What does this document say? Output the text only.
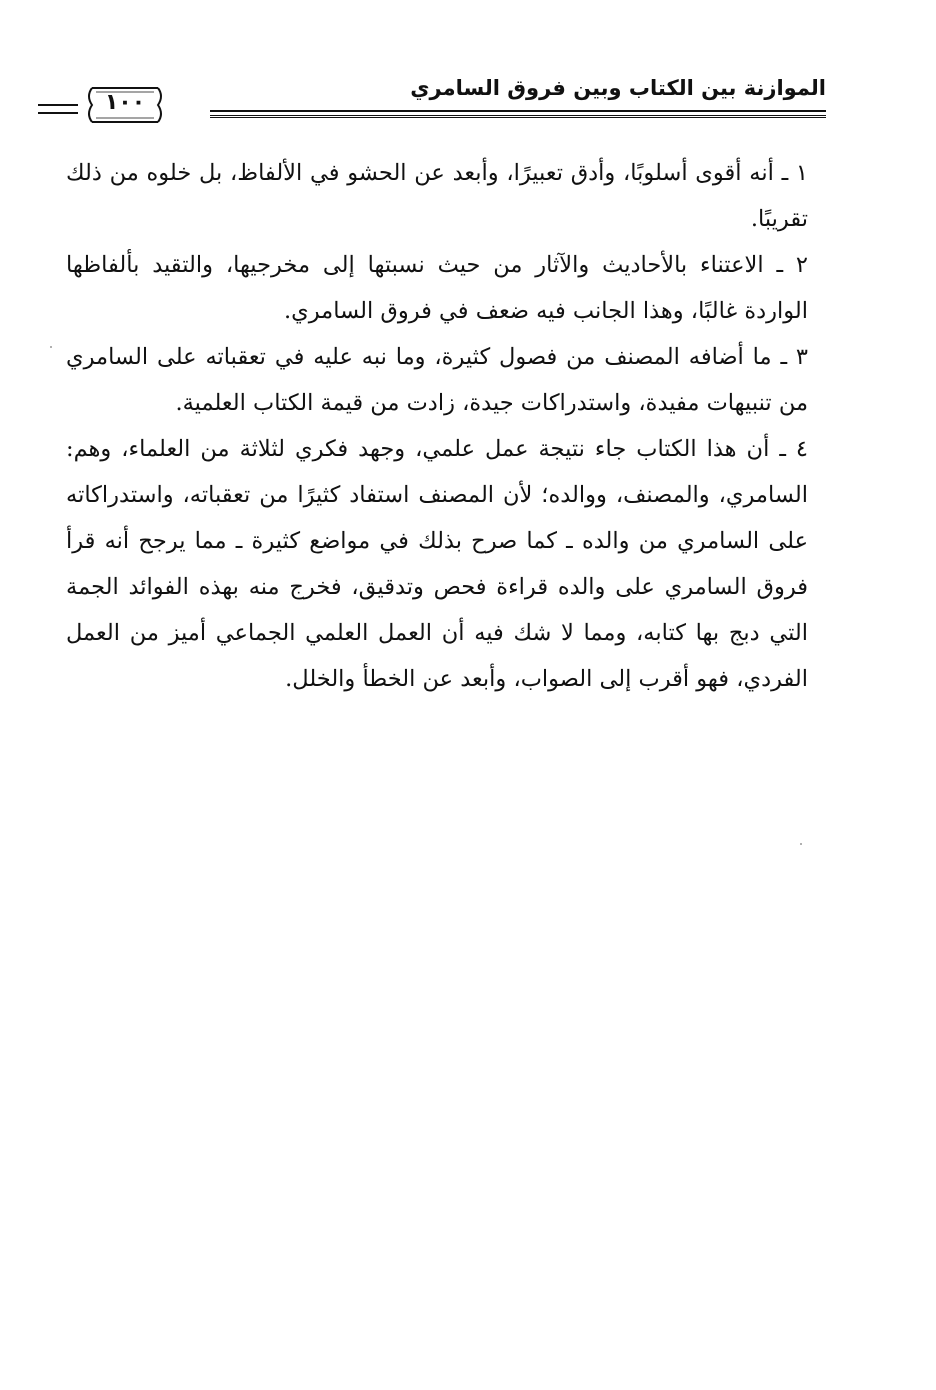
الموازنة بين الكتاب وبين فروق السامري
١٠٠

١ ـ أنه أقوى أسلوبًا، وأدق تعبيرًا، وأبعد عن الحشو في الألفاظ، بل خلوه من ذلك تقريبًا.

٢ ـ الاعتناء بالأحاديث والآثار من حيث نسبتها إلى مخرجيها، والتقيد بألفاظها الواردة غالبًا، وهذا الجانب فيه ضعف في فروق السامري.

٣ ـ ما أضافه المصنف من فصول كثيرة، وما نبه عليه في تعقباته على السامري من تنبيهات مفيدة، واستدراكات جيدة، زادت من قيمة الكتاب العلمية.

٤ ـ أن هذا الكتاب جاء نتيجة عمل علمي، وجهد فكري لثلاثة من العلماء، وهم: السامري، والمصنف، ووالده؛ لأن المصنف استفاد كثيرًا من تعقباته، واستدراكاته على السامري من والده ـ كما صرح بذلك في مواضع كثيرة ـ مما يرجح أنه قرأ فروق السامري على والده قراءة فحص وتدقيق، فخرج منه بهذه الفوائد الجمة التي دبج بها كتابه، ومما لا شك فيه أن العمل العلمي الجماعي أميز من العمل الفردي، فهو أقرب إلى الصواب، وأبعد عن الخطأ والخلل.
